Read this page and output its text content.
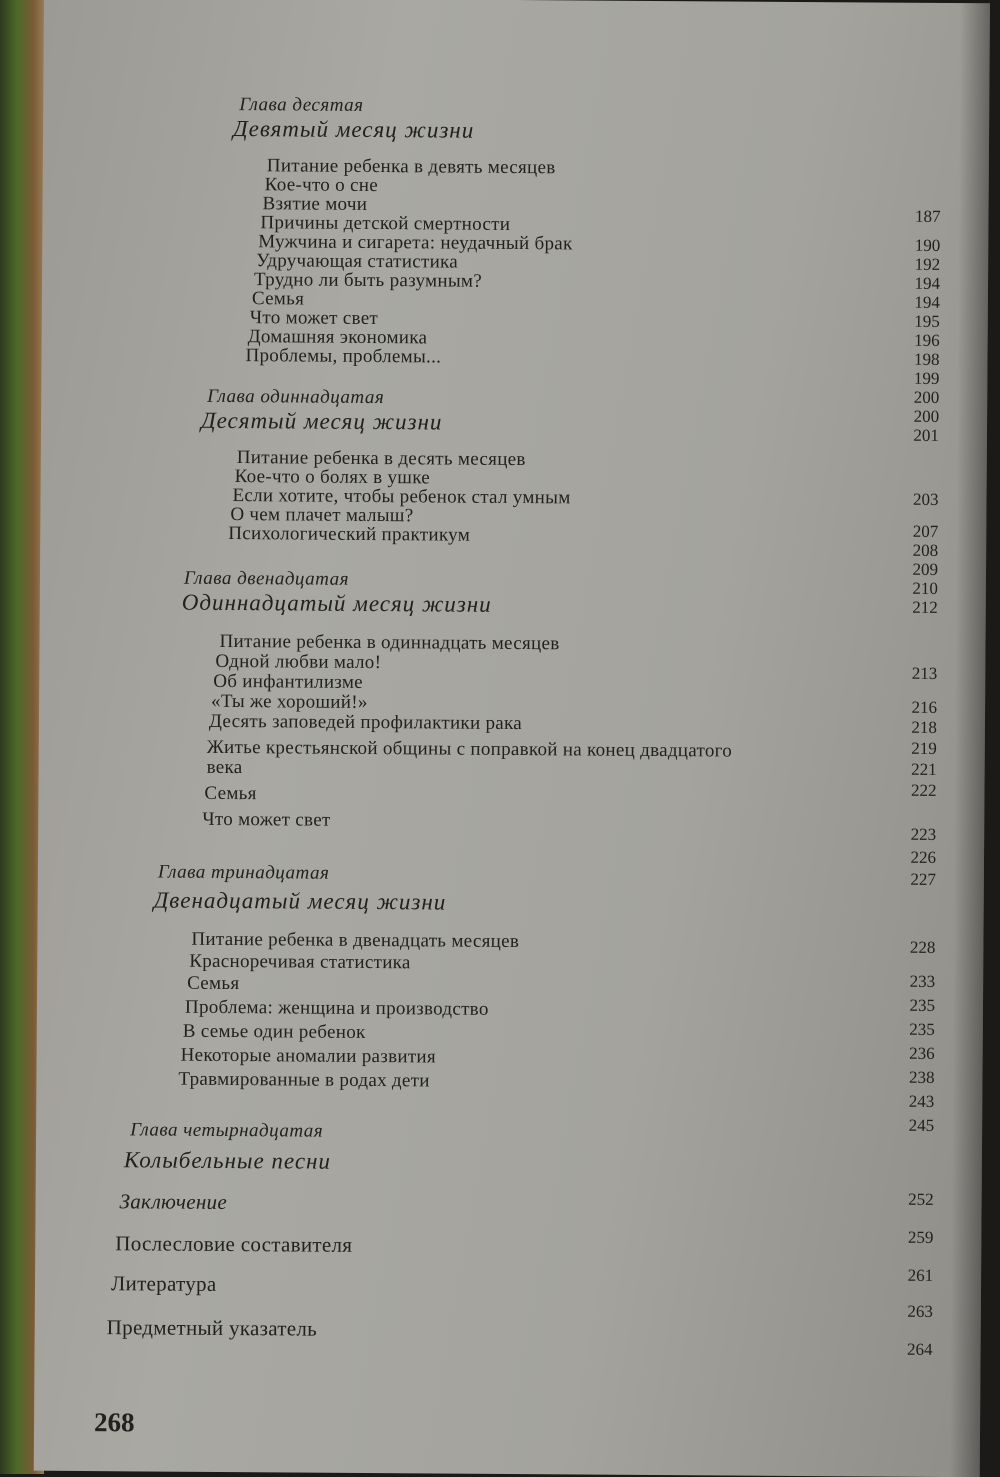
Глава десятая
Девятый месяц жизни
Питание ребенка в девять месяцев
Кое-что о сне
Взятие мочи
Причины детской смертности
Мужчина и сигарета: неудачный брак
Удручающая статистика
Трудно ли быть разумным?
Семья
Что может свет
Домашняя экономика
Проблемы, проблемы...
Глава одиннадцатая
Десятый месяц жизни
Питание ребенка в десять месяцев
Кое-что о болях в ушке
Если хотите, чтобы ребенок стал умным
О чем плачет малыш?
Психологический практикум
Глава двенадцатая
Одиннадцатый месяц жизни
Питание ребенка в одиннадцать месяцев
Одной любви мало!
Об инфантилизме
«Ты же хороший!»
Десять заповедей профилактики рака
Житье крестьянской общины с поправкой на конец двадцатого
века
Семья
Что может свет
Глава тринадцатая
Двенадцатый месяц жизни
Питание ребенка в двенадцать месяцев
Красноречивая статистика
Семья
Проблема: женщина и производство
В семье один ребенок
Некоторые аномалии развития
Травмированные в родах дети
Глава четырнадцатая
Колыбельные песни
Заключение
Послесловие составителя
Литература
Предметный указатель
187
190
192
194
194
195
196
198
199
200
200
201
203
207
208
209
210
212
213
216
218
219
221
222
223
226
227
228
233
235
235
236
238
243
245
252
259
261
263
264
268
